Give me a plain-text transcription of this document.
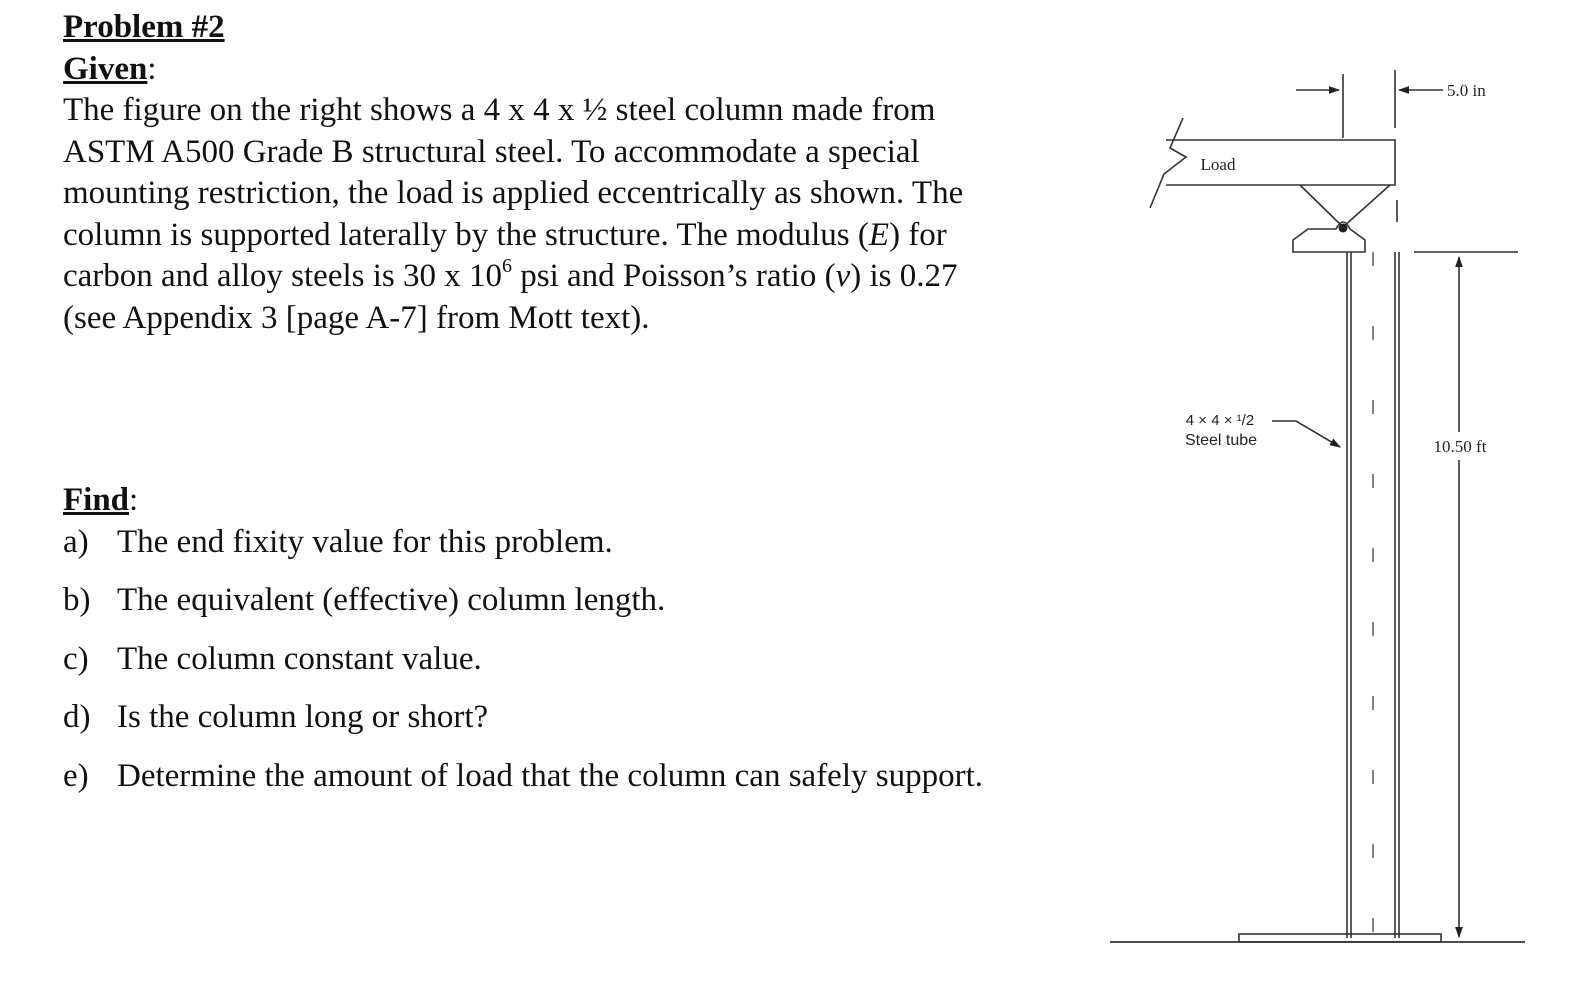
Problem #2
Given:

The figure on the right shows a 4 x 4 x ½ steel column made from

ASTM A500 Grade B structural steel. To accommodate a special

mounting restriction, the load is applied eccentrically as shown. The

column is supported laterally by the structure. The modulus (E) for

carbon and alloy steels is 30 x $10^6$ psi and Poisson’s ratio (ν) is 0.27

(see Appendix 3 [page A-7] from Mott text).

Find:
a) The end fixity value for this problem.
b) The equivalent (effective) column length.
c) The column constant value.
d) Is the column long or short?
e) Determine the amount of load that the column can safely support.
Load
5.0 in
4 × 4 × ¹/2
Steel tube	10.50 ft
